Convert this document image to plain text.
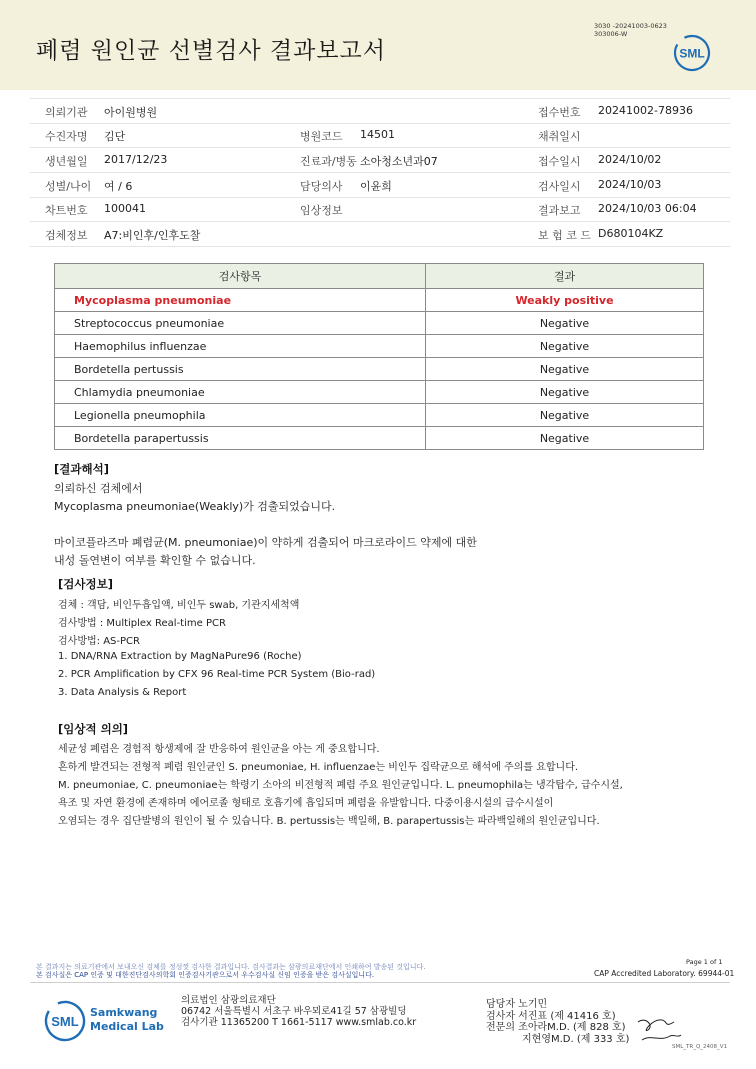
폐렴 원인균 선별검사 결과보고서
3030 -20241003-0623
303006-W
SML
의뢰기관 아이원병원	접수번호 20241002-78936
수진자명 김단	병원코드 14501	채취일시
생년월일 2017/12/23	진료과/병동 소아청소년과07	접수일시 2024/10/02
성별/나이 여 / 6	담당의사 이윤희	검사일시 2024/10/03
차트번호 100041	임상정보	결과보고 2024/10/03 06:04
검체정보 A7:비인후/인후도찰	보 험 코 드 D680104KZ
검사항목	결과
Mycoplasma pneumoniae	Weakly positive
Streptococcus pneumoniae	Negative
Haemophilus influenzae	Negative
Bordetella pertussis	Negative
Chlamydia pneumoniae	Negative
Legionella pneumophila	Negative
Bordetella parapertussis	Negative
[결과해석]
의뢰하신 검체에서
Mycoplasma pneumoniae(Weakly)가 검출되었습니다.
마이코플라즈마 폐렴균(M. pneumoniae)이 약하게 검출되어 마크로라이드 약제에 대한
내성 돌연변이 여부를 확인할 수 없습니다.
[검사정보]
검체 : 객담, 비인두흡입액, 비인두 swab, 기관지세척액
검사방법 : Multiplex Real-time PCR
검사방법: AS-PCR
1. DNA/RNA Extraction by MagNaPure96 (Roche)
2. PCR Amplification by CFX 96 Real-time PCR System (Bio-rad)
3. Data Analysis & Report
[임상적 의의]
세균성 폐렴은 경험적 항생제에 잘 반응하여 원인균을 아는 게 중요합니다.
흔하게 발견되는 전형적 폐렴 원인균인 S. pneumoniae, H. influenzae는 비인두 집락균으로 해석에 주의를 요합니다.
M. pneumoniae, C. pneumoniae는 학령기 소아의 비전형적 폐렴 주요 원인균입니다. L. pneumophila는 냉각탑수, 급수시설,
욕조 및 자연 환경에 존재하며 에어로졸 형태로 호흡기에 흡입되며 폐렴을 유발합니다. 다중이용시설의 급수시설이
오염되는 경우 집단발병의 원인이 될 수 있습니다. B. pertussis는 백일해, B. parapertussis는 파라백일해의 원인균입니다.
본 결과지는 의료기관에서 보내오신 검체를 정성껏 검사한 결과입니다. 검사결과는 삼광의료재단에서 인쇄하여 발송된 것입니다.
본 검사실은 CAP 인증 및 대한진단검사의학회 인증검사기관으로서 우수검사실 신임 인증을 받은 검사실입니다.
Page 1 of 1
CAP Accredited Laboratory. 69944-01
SML
Samkwang
Medical Lab
의료법인 삼광의료재단
06742 서울특별시 서초구 바우뫼로41길 57 삼광빌딩
검사기관 11365200 T 1661-5117 www.smlab.co.kr
담당자 노기민
검사자 서진표 (제 41416 호)
전문의 조아라M.D. (제 828 호)
지현영M.D. (제 333 호)
SML_TR_Q_2408_V1
